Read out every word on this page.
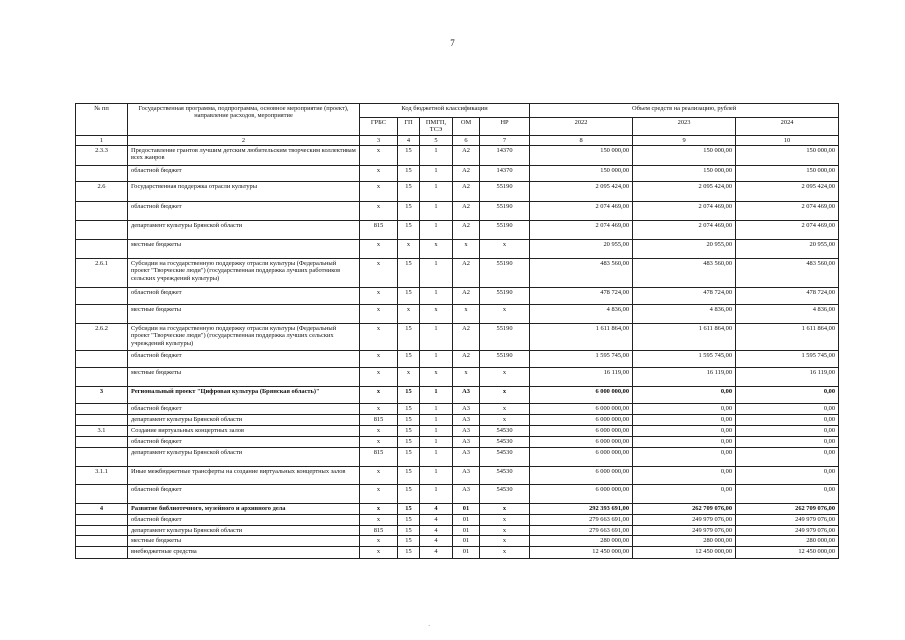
7
№ пп	Государственная программа, подпрограмма, основное мероприятие (проект), направление расходов, мероприятие	Код бюджетной классификации					Объем средств на реализацию, рублей		
		ГРБС	ГП	ПМГП, ТСЭ	ОМ	НР	2022	2023	2024
1	2	3	4	5	6	7	8	9	10
2.3.3	Предоставление грантов лучшим детским любительским творческим коллективам всех жанров	х	15	1	А2	14370	150 000,00	150 000,00	150 000,00
	областной бюджет	х	15	1	А2	14370	150 000,00	150 000,00	150 000,00
2.6	Государственная поддержка отрасли культуры	х	15	1	А2	55190	2 095 424,00	2 095 424,00	2 095 424,00
	областной бюджет	х	15	1	А2	55190	2 074 469,00	2 074 469,00	2 074 469,00
	департамент культуры Брянской области	815	15	1	А2	55190	2 074 469,00	2 074 469,00	2 074 469,00
	местные бюджеты	х	х	х	х	х	20 955,00	20 955,00	20 955,00
2.6.1	Субсидии на государственную поддержку отрасли культуры (Федеральный проект "Творческие люди") (государственная поддержка лучших работников сельских учреждений культуры)	х	15	1	А2	55190	483 560,00	483 560,00	483 560,00
	областной бюджет	х	15	1	А2	55190	478 724,00	478 724,00	478 724,00
	местные бюджеты	х	х	х	х	х	4 836,00	4 836,00	4 836,00
2.6.2	Субсидии на государственную поддержку отрасли культуры (Федеральный проект "Творческие люди") (государственная поддержка лучших сельских учреждений культуры)	х	15	1	А2	55190	1 611 864,00	1 611 864,00	1 611 864,00
	областной бюджет	х	15	1	А2	55190	1 595 745,00	1 595 745,00	1 595 745,00
	местные бюджеты	х	х	х	х	х	16 119,00	16 119,00	16 119,00
3	Региональный проект "Цифровая культура (Брянская область)"	х	15	1	А3	х	6 000 000,00	0,00	0,00
	областной бюджет	х	15	1	А3	х	6 000 000,00	0,00	0,00
	департамент культуры Брянской области	815	15	1	А3	х	6 000 000,00	0,00	0,00
3.1	Создание виртуальных концертных залов	х	15	1	А3	54530	6 000 000,00	0,00	0,00
	областной бюджет	х	15	1	А3	54530	6 000 000,00	0,00	0,00
	департамент культуры Брянской области	815	15	1	А3	54530	6 000 000,00	0,00	0,00
3.1.1	Иные межбюджетные трансферты на создание виртуальных концертных залов	х	15	1	А3	54530	6 000 000,00	0,00	0,00
	областной бюджет	х	15	1	А3	54530	6 000 000,00	0,00	0,00
4	Развитие библиотечного, музейного и архивного дела	х	15	4	01	х	292 393 691,00	262 709 076,00	262 709 076,00
	областной бюджет	х	15	4	01	х	279 663 691,00	249 979 076,00	249 979 076,00
	департамент культуры Брянской области	815	15	4	01	х	279 663 691,00	249 979 076,00	249 979 076,00
	местные бюджеты	х	15	4	01	х	280 000,00	280 000,00	280 000,00
	внебюджетные средства	х	15	4	01	х	12 450 000,00	12 450 000,00	12 450 000,00
·
